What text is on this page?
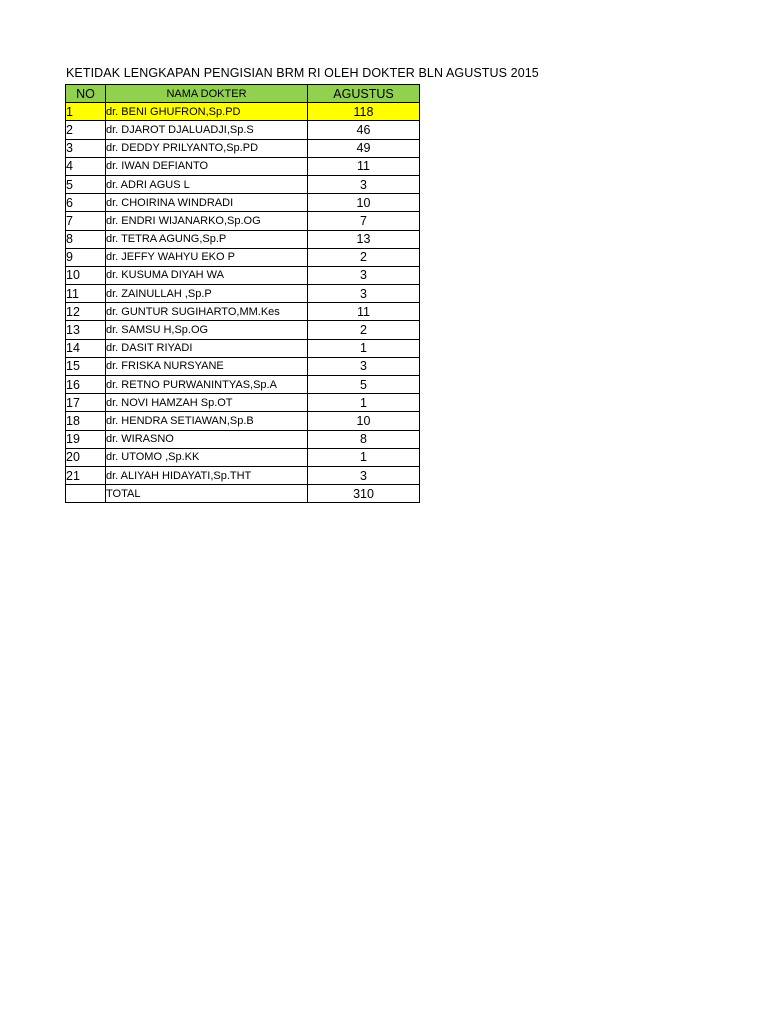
KETIDAK LENGKAPAN PENGISIAN BRM RI OLEH DOKTER BLN AGUSTUS 2015
NO	NAMA DOKTER	AGUSTUS
1	dr. BENI GHUFRON,Sp.PD	118
2	dr. DJAROT DJALUADJI,Sp.S	46
3	dr. DEDDY PRILYANTO,Sp.PD	49
4	dr. IWAN DEFIANTO	11
5	dr. ADRI AGUS L	3
6	dr. CHOIRINA WINDRADI	10
7	dr. ENDRI WIJANARKO,Sp.OG	7
8	dr. TETRA AGUNG,Sp.P	13
9	dr. JEFFY WAHYU EKO P	2
10	dr. KUSUMA DIYAH WA	3
11	dr. ZAINULLAH ,Sp.P	3
12	dr. GUNTUR SUGIHARTO,MM.Kes	11
13	dr. SAMSU H,Sp.OG	2
14	dr. DASIT RIYADI	1
15	dr. FRISKA NURSYANE	3
16	dr. RETNO PURWANINTYAS,Sp.A	5
17	dr. NOVI HAMZAH Sp.OT	1
18	dr. HENDRA SETIAWAN,Sp.B	10
19	dr. WIRASNO	8
20	dr. UTOMO ,Sp.KK	1
21	dr. ALIYAH HIDAYATI,Sp.THT	3
	TOTAL	310
